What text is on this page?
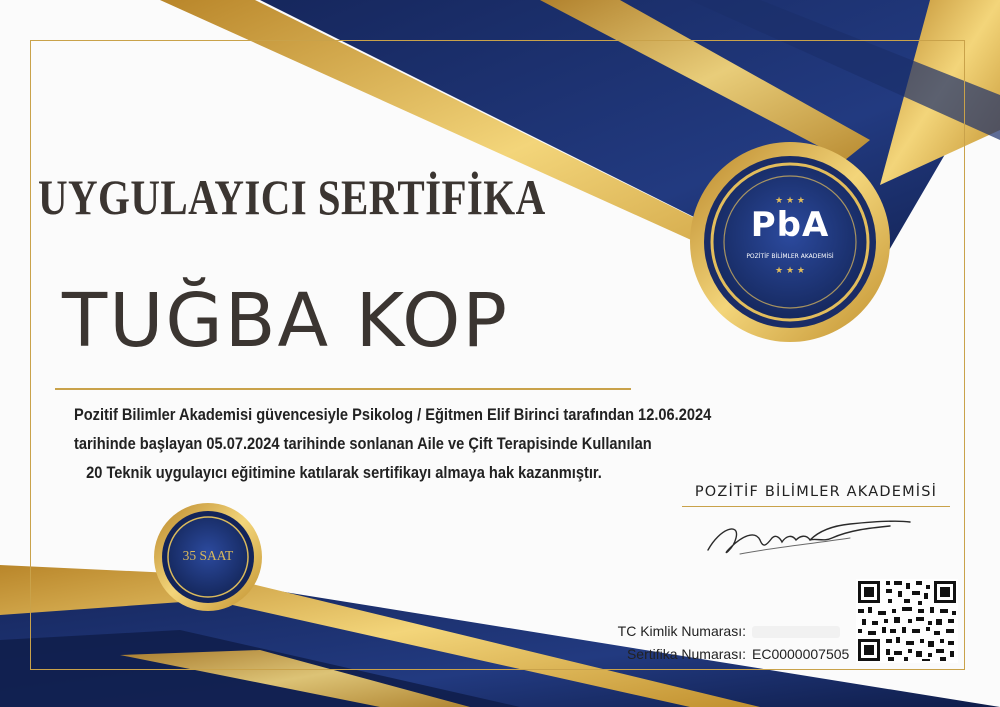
★ ★ ★
PbA
POZİTİF BİLİMLER AKADEMİSİ
★ ★ ★
UYGULAYICI SERTİFİKA
TUĞBA KOP
Pozitif Bilimler Akademisi güvencesiyle Psikolog / Eğitmen Elif Birinci tarafından 12.06.2024
tarihinde başlayan 05.07.2024 tarihinde sonlanan Aile ve Çift Terapisinde Kullanılan
20 Teknik uygulayıcı eğitimine katılarak sertifikayı almaya hak kazanmıştır.
35 SAAT
POZİTİF BİLİMLER AKADEMİSİ
TC Kimlik Numarası:
Sertifika Numarası: EC0000007505
